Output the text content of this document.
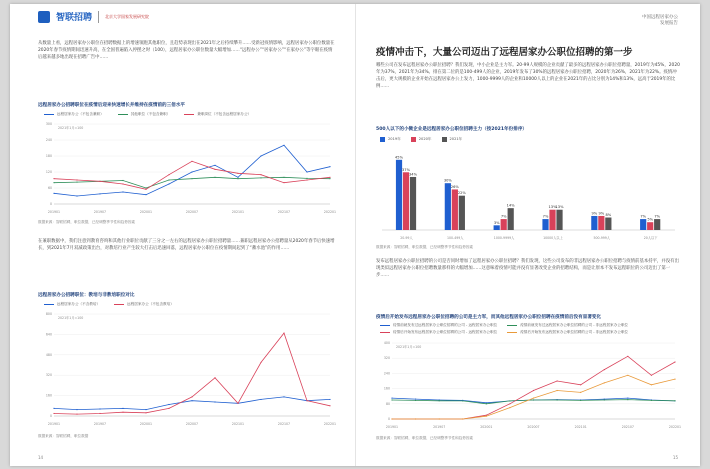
智联招聘	北京大学国家发展研究院
从数量上看，远程居家办公职位在招聘数据上的增速领跑其他职位，且趋势表现出在2021年之后持续攀升……受新冠疫情影响，远程居家办公职位数量在2020年春节疫情期间迅速升高，在全国普遍陷入停摆之时（100），远程居家办公职位数量大幅增加……“远程办公”“居家办公”“在家办公”等字眼在疫情后越来越多地出现在招聘广告中……
远程居家办公招聘职位在疫情后迎来快速增长并维持在疫情前的三倍水平
远程居家办公（不包含兼职）	其他职位（不包含兼职）	兼职岗位（不包含远程居家办公）
0
60
120
180
240
300
201901	201907	202001	202007	202101	202107	202201
2021年1月=100
数据来源：智联招聘，职位数据，已经调整季节性和趋势因素
在兼职数据中，我们注意到教育咨询和其他行业职位贡献了三分之一左右的远程居家办公职位招聘量……兼职远程居家办公招聘量从2020年春节后快速增长，到2021年7月双减政策出台，对教培行业产生较大打击后迅速回落，远程居家办公职位在疫情期间起到了“蓄水池”的作用……
远程居家办公招聘职位：教培与非教培职位对比
远程居家办公（不含教培）	远程居家办公（不包含教培）
0
160
320
480
640
800
201901	201907	202001	202007	202101	202107	202201
2021年1月=100
数据来源：智联招聘，职位数据
14
中国远程居家办公
发展报告
疫情冲击下，大量公司迈出了远程居家办公职位招聘的第一步
哪些公司在发布远程居家办公职位招聘？我们发现，中小企业是主力军。20-99人规模的企业贡献了最多的远程居家办公职位招聘量，2019年为45%，2020年为37%，2021年为34%。排在第二位的是100-499人的企业，2019年发布了30%的远程居家办公职位招聘，2020年为26%，2021年为22%。疫情冲击后，更大规模的企业开始在远程居家办公上发力，1000-9999人的企业和10000人以上的企业在2021年的占比分别为14%和13%，远高于2019年的比例……
500人以下的小微企业是远程居家办公职位招聘主力（按2021年份排序）
2019年	2020年	2021年
45%
37%
34%
20-99人
30%
26%
22%
100-499人
3%
7%
14%
1000-9999人
7%
13% 13%
10000人以上
9% 9% 8%
500-999人
7%
5%
7%
20人以下
数据来源：智联招聘，职位数据，已经调整季节性和趋势因素
发布远程居家办公职位招聘的公司是否同时增加了远程居家办公职位招聘？我们发现，这些公司发布的非远程居家办公职位招聘与疫情前基本持平，并没有出现类似远程居家办公职位招聘数量那样的大幅增加……这意味着疫情可能并没有显著改变企业的招聘结构，而是让原本不发布远程职位的公司迈出了第一步……
疫情后开始发布远程居家办公职位招聘的公司是主力军，而其他远程居家办公职位招聘在疫情前后没有显著变化
疫情前就发布过远程居家办公职位招聘的公司 - 远程居家办公职位	疫情前就发布过远程居家办公职位招聘的公司 - 非远程居家办公职位
疫情后开始发布远程居家办公职位招聘的公司 - 远程居家办公职位	疫情后开始发布远程居家办公职位招聘的公司 - 非远程居家办公职位
0
80
160
240
320
400
201901	201907	202001	202007	202101	202107	202201
2021年1月=100
数据来源：智联招聘，职位数据，已经调整季节性和趋势因素
15
